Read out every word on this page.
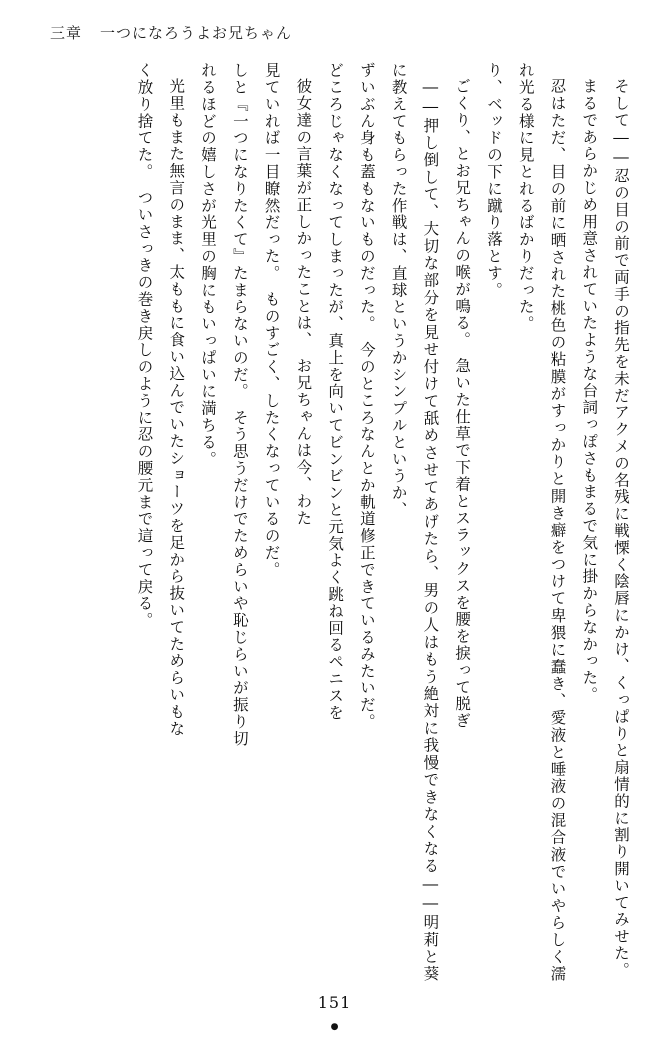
三章 一つになろうよお兄ちゃん

そして――忍の目の前で両手の指先を未だアクメの名残に戦慄く陰唇にかけ、くっぱりと扇情的に割り開いてみせた。

まるであらかじめ用意されていたような台詞っぽさもまるで気に掛からなかった。

忍はただ、目の前に晒された桃色の粘膜がすっかりと開き癖をつけて卑猥に蠢き、愛液と唾液の混合液でいやらしく濡れ光る様に見とれるばかりだった。

り、ベッドの下に蹴り落とす。

ごくり、とお兄ちゃんの喉が鳴る。　急いた仕草で下着とスラックスを腰を捩って脱ぎ

――押し倒して、大切な部分を見せ付けて舐めさせてあげたら、男の人はもう絶対に我慢できなくなる――明莉と葵に教えてもらった作戦は、直球というかシンプルというか、

ずいぶん身も蓋もないものだった。　今のところなんとか軌道修正できているみたいだ。

どころじゃなくなってしまったが、真上を向いてビンビンと元気よく跳ね回るペニスを

彼女達の言葉が正しかったことは、　お兄ちゃんは今、わた

見ていれば一目瞭然だった。　ものすごく、したくなっているのだ。

しと『一つになりたくて』たまらないのだ。　そう思うだけでためらいや恥じらいが振り切

れるほどの嬉しさが光里の胸にもいっぱいに満ちる。

光里もまた無言のまま、太ももに食い込んでいたショーツを足から抜いてためらいもな

く放り捨てた。　ついさっきの巻き戻しのように忍の腰元まで這って戻る。

151
●
